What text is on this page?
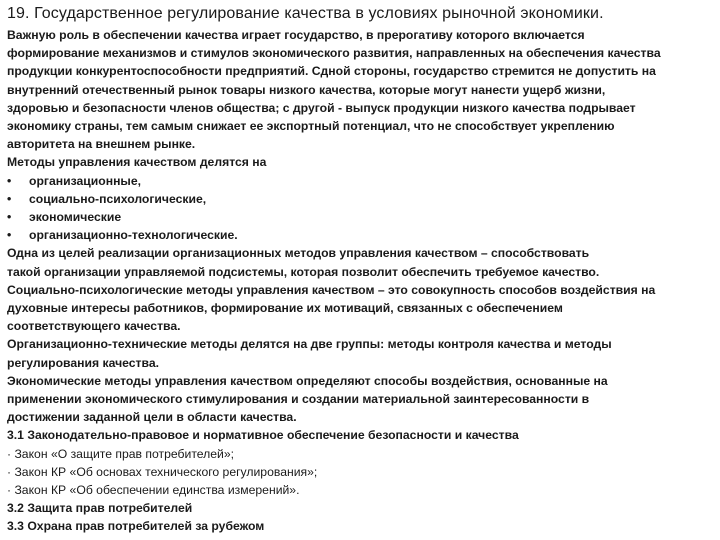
19. Государственное регулирование качества в условиях рыночной экономики.
Важную роль в обеспечении качества играет государство, в прерогативу которого включается
формирование механизмов и стимулов экономического развития, направленных на обеспечения качества
продукции конкурентоспособности предприятий. Сдной стороны, государство стремится не допустить на
внутренний отечественный рынок товары низкого качества, которые могут нанести ущерб жизни,
здоровью и безопасности членов общества; с другой - выпуск продукции низкого качества подрывает
экономику страны, тем самым снижает ее экспортный потенциал, что не способствует укреплению
авторитета на внешнем рынке.
Методы управления качеством делятся на
• организационные,
• социально-психологические,
• экономические
• организационно-технологические.
Одна из целей реализации организационных методов управления качеством – способствовать
такой организации управляемой подсистемы, которая позволит обеспечить требуемое качество.
Социально-психологические методы управления качеством – это совокупность способов воздействия на
духовные интересы работников, формирование их мотиваций, связанных с обеспечением
соответствующего качества.
Организационно-технические методы делятся на две группы: методы контроля качества и методы
регулирования качества.
Экономические методы управления качеством определяют способы воздействия, основанные на
применении экономического стимулирования и создании материальной заинтересованности в
достижении заданной цели в области качества.
3.1 Законодательно-правовое и нормативное обеспечение безопасности и качества
· Закон «О защите прав потребителей»;
· Закон КР «Об основах технического регулирования»;
· Закон КР «Об обеспечении единства измерений».
3.2 Защита прав потребителей
3.3 Охрана прав потребителей за рубежом
